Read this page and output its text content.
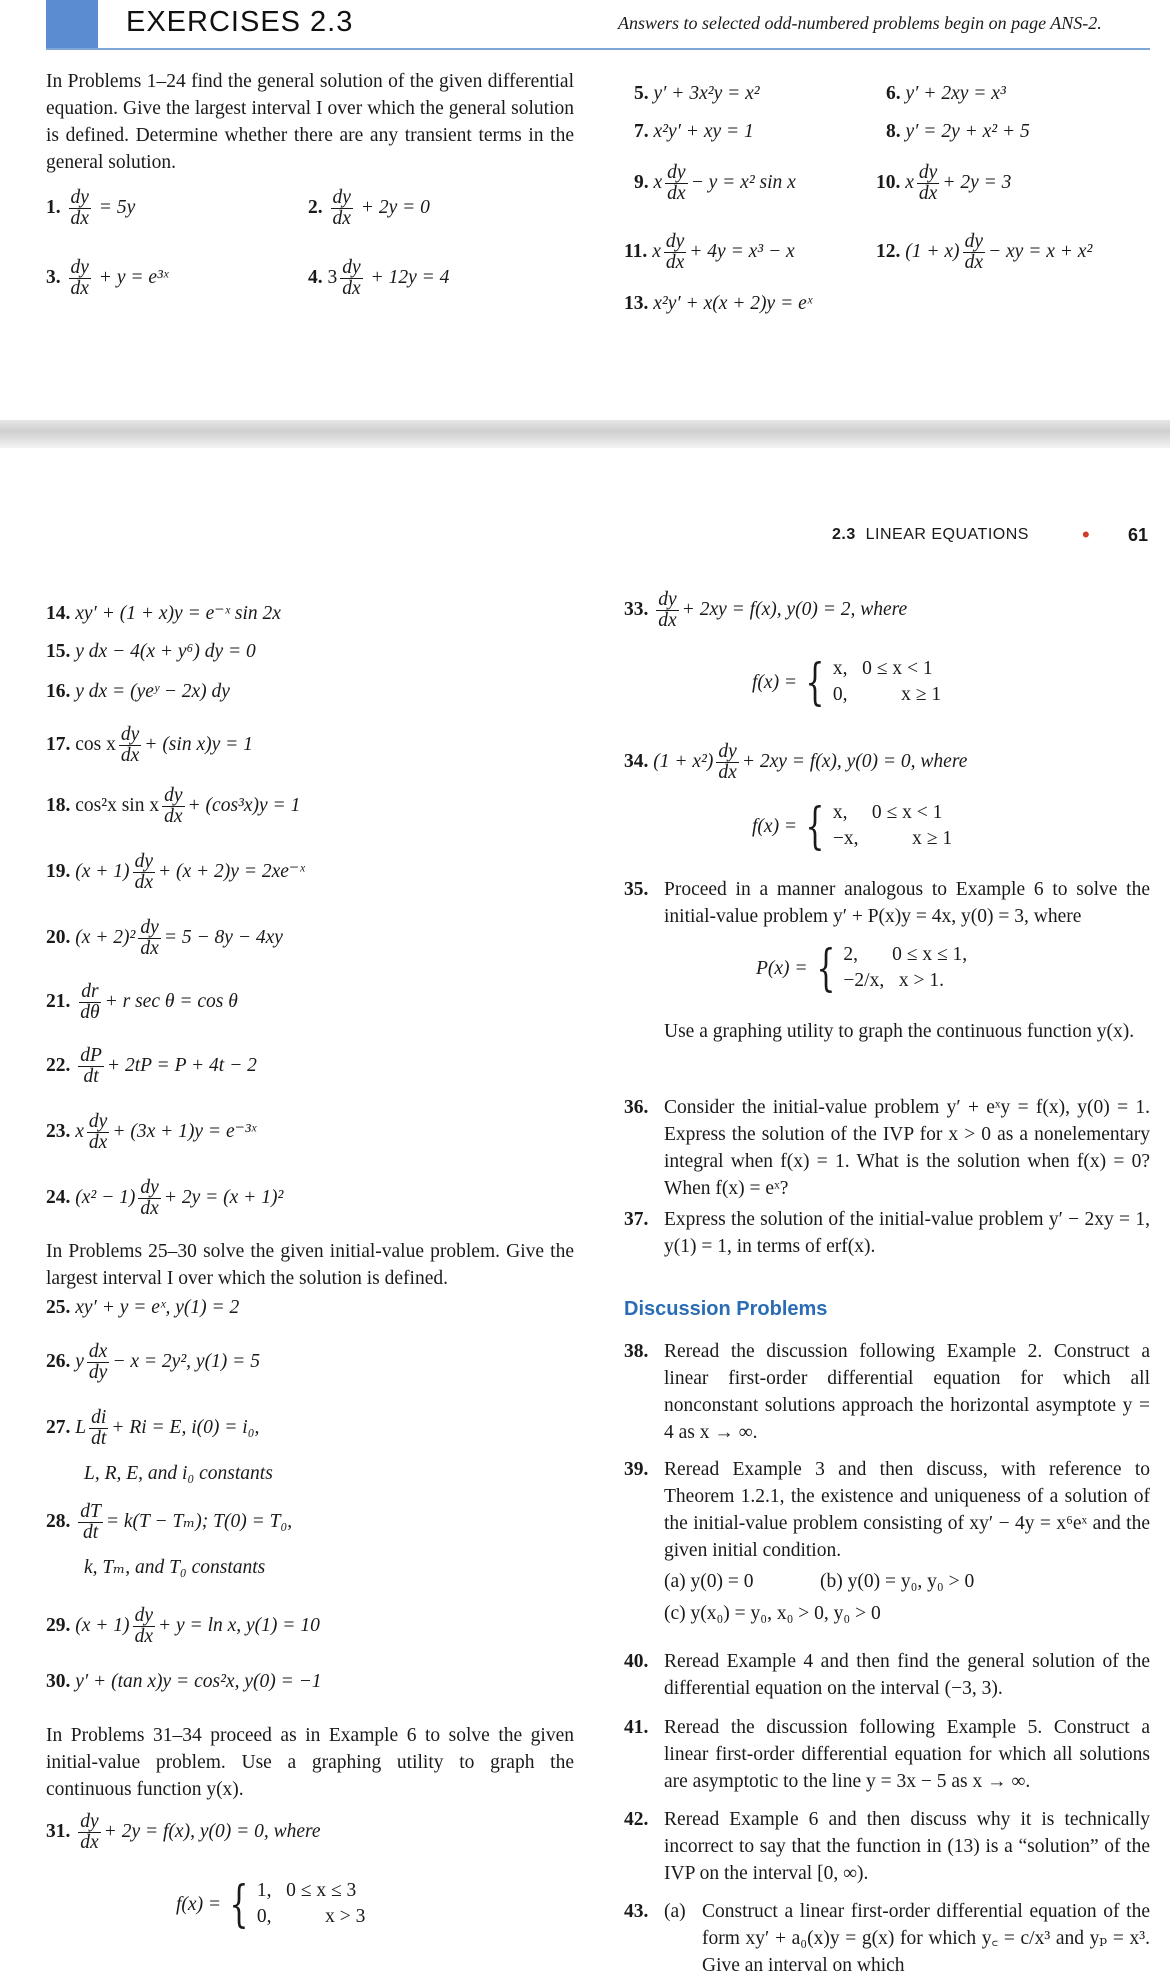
EXERCISES 2.3	Answers to selected odd-numbered problems begin on page ANS-2.
In Problems 1–24 find the general solution of the given differential equation. Give the largest interval I over which the general solution is defined. Determine whether there are any transient terms in the general solution.
1. $\frac{dy}{dx} = 5y$	2. $\frac{dy}{dx} + 2y = 0$
3. $\frac{dy}{dx} + y$ = e³ˣ	4. $3 \frac{dy}{dx} + 12y = 4$
5. y′ + 3x²y = x²	6. y′ + 2xy = x³
7. x²y′ + xy = 1	8. y′ = 2y + x² + 5
9. x $\frac{dy}{dx} - y = x^2$ sin x	10. x $\frac{dy}{dx} + 2y = 3$
11. x $\frac{dy}{dx} + 4y = x^3 - x$	12. $(1 + x) \frac{dy}{dx}$ − xy = x + x²
13. x²y′ + x(x + 2)y = eˣ
2.3 LINEAR EQUATIONS • 61
14. xy′ + (1 + x)y = e⁻ˣ sin 2x
15. y dx − 4(x + y⁶) dy = 0
16. y dx = (yeʸ − 2x) dy
17. cos x $\frac{dy}{dx} + (\sin$ x)y = 1
18. cos²x sin x $\frac{dy}{dx} + (\cos^3x)y = 1$
19. $(x + 1) \frac{dy}{dx} + (x + 2)y$ = 2xe⁻ˣ
20. $(x + 2)^2 \frac{dy}{dx} = 5 - 8y - 4xy$
21. $\frac{dr}{d\theta} + r$ sec θ = cos θ
22. $\frac{dP}{dt} + 2tP = P + 4t - 2$
23. x $\frac{dy}{dx} + (3x + 1)y$ = e⁻³ˣ
24. $(x^2 - 1) \frac{dy}{dx} + 2y = (x + 1)^2$
In Problems 25–30 solve the given initial-value problem. Give the largest interval I over which the solution is defined.
25. xy′ + y = eˣ, y(1) = 2
26. y $\frac{dx}{dy} - x = 2y^2$, y(1) = 5
27. L $\frac{di}{dt} + Ri = E$, i(0) = i₀,
L, R, E, and i₀ constants
28. $\frac{dT}{dt} = k(T - T_m)$; T(0) = T₀,
k, Tₘ, and T₀ constants
29. $(x + 1) \frac{dy}{dx} + y = \ln x$, y(1) = 10
30. y′ + (tan x)y = cos²x, y(0) = −1
In Problems 31–34 proceed as in Example 6 to solve the given initial-value problem. Use a graphing utility to graph the continuous function y(x).
31. $\frac{dy}{dx} + 2y = f(x)$, y(0) = 0, where
f(x) = { 1,   0 ≤ x ≤ 3
0,           x > 3
33. $\frac{dy}{dx} + 2xy = f(x)$, y(0) = 2, where
f(x) = { x,   0 ≤ x < 1
0,           x ≥ 1
34. $(1 + x^2) \frac{dy}{dx} + 2xy = f(x)$, y(0) = 0, where
f(x) = { x,     0 ≤ x < 1
−x,           x ≥ 1
35. Proceed in a manner analogous to Example 6 to solve the initial-value problem y′ + P(x)y = 4x, y(0) = 3, where
P(x) = { 2,       0 ≤ x ≤ 1,
−2/x,   x > 1.
Use a graphing utility to graph the continuous function y(x).
36. Consider the initial-value problem y′ + eˣy = f(x), y(0) = 1. Express the solution of the IVP for x > 0 as a nonelementary integral when f(x) = 1. What is the solution when f(x) = 0? When f(x) = eˣ?
37. Express the solution of the initial-value problem y′ − 2xy = 1, y(1) = 1, in terms of erf(x).
Discussion Problems
38. Reread the discussion following Example 2. Construct a linear first-order differential equation for which all nonconstant solutions approach the horizontal asymptote y = 4 as x → ∞.
39. Reread Example 3 and then discuss, with reference to Theorem 1.2.1, the existence and uniqueness of a solution of the initial-value problem consisting of xy′ − 4y = x⁶eˣ and the given initial condition.
(a) y(0) = 0	(b) y(0) = y₀, y₀ > 0
(c) y(x₀) = y₀, x₀ > 0, y₀ > 0
40. Reread Example 4 and then find the general solution of the differential equation on the interval (−3, 3).
41. Reread the discussion following Example 5. Construct a linear first-order differential equation for which all solutions are asymptotic to the line y = 3x − 5 as x → ∞.
42. Reread Example 6 and then discuss why it is technically incorrect to say that the function in (13) is a “solution” of the IVP on the interval [0, ∞).
43. (a) Construct a linear first-order differential equation of the form xy′ + a₀(x)y = g(x) for which y꜀ = c/x³ and yₚ = x³. Give an interval on which
